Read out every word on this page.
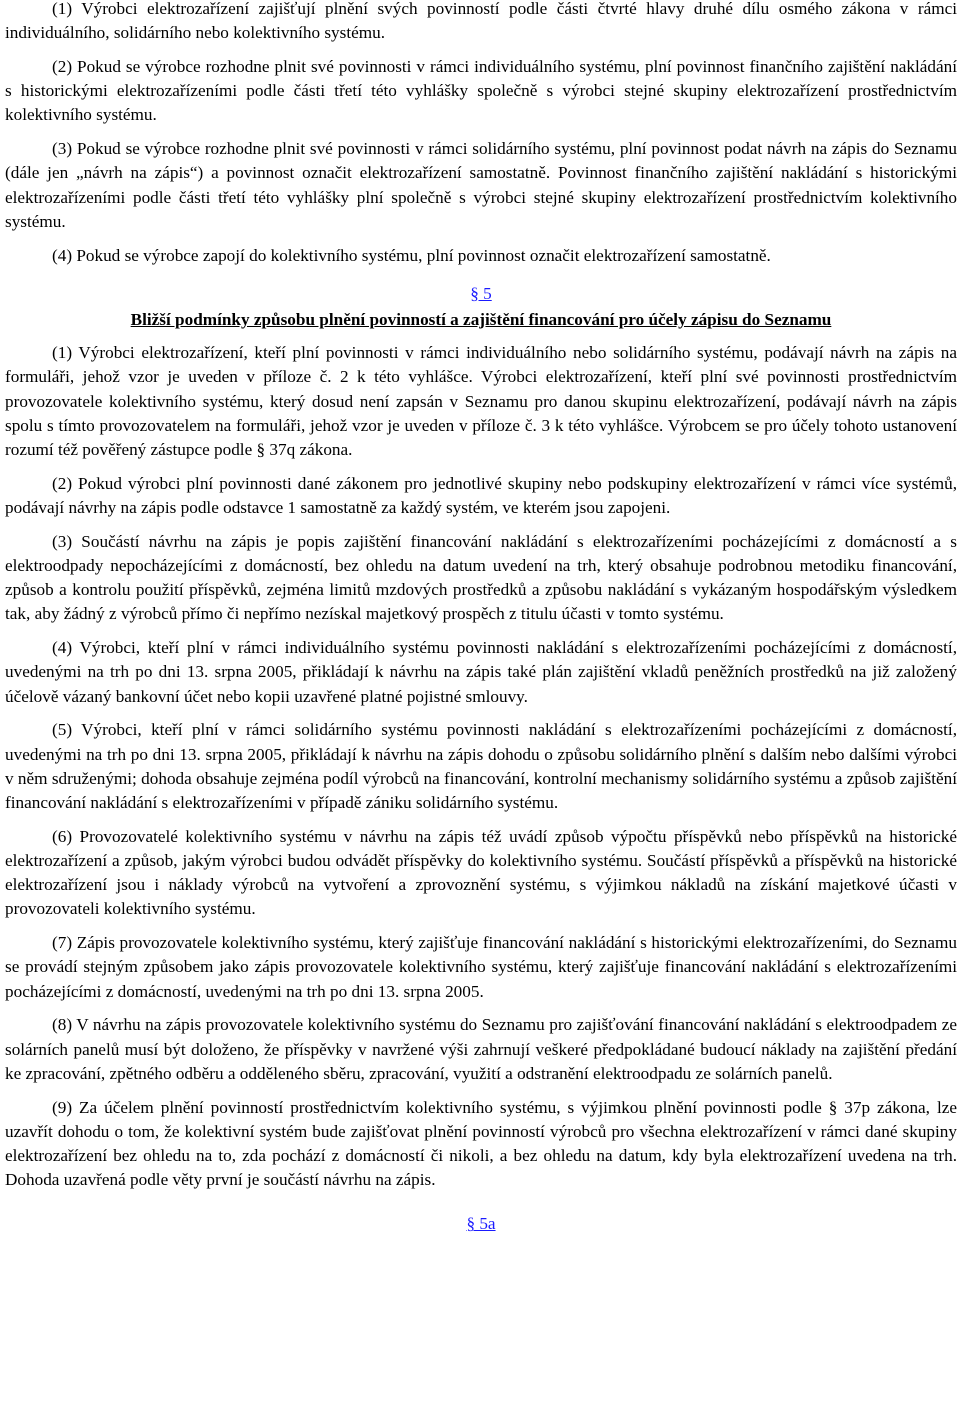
(1) Výrobci elektrozařízení zajišťují plnění svých povinností podle části čtvrté hlavy druhé dílu osmého zákona v rámci individuálního, solidárního nebo kolektivního systému.

(2) Pokud se výrobce rozhodne plnit své povinnosti v rámci individuálního systému, plní povinnost finančního zajištění nakládání s historickými elektrozařízeními podle části třetí této vyhlášky společně s výrobci stejné skupiny elektrozařízení prostřednictvím kolektivního systému.

(3) Pokud se výrobce rozhodne plnit své povinnosti v rámci solidárního systému, plní povinnost podat návrh na zápis do Seznamu (dále jen „návrh na zápis“) a povinnost označit elektrozařízení samostatně. Povinnost finančního zajištění nakládání s historickými elektrozařízeními podle části třetí této vyhlášky plní společně s výrobci stejné skupiny elektrozařízení prostřednictvím kolektivního systému.

(4) Pokud se výrobce zapojí do kolektivního systému, plní povinnost označit elektrozařízení samostatně.

§ 5
Bližší podmínky způsobu plnění povinností a zajištění financování pro účely zápisu do Seznamu

(1) Výrobci elektrozařízení, kteří plní povinnosti v rámci individuálního nebo solidárního systému, podávají návrh na zápis na formuláři, jehož vzor je uveden v příloze č. 2 k této vyhlášce. Výrobci elektrozařízení, kteří plní své povinnosti prostřednictvím provozovatele kolektivního systému, který dosud není zapsán v Seznamu pro danou skupinu elektrozařízení, podávají návrh na zápis spolu s tímto provozovatelem na formuláři, jehož vzor je uveden v příloze č. 3 k této vyhlášce. Výrobcem se pro účely tohoto ustanovení rozumí též pověřený zástupce podle § 37q zákona.

(2) Pokud výrobci plní povinnosti dané zákonem pro jednotlivé skupiny nebo podskupiny elektrozařízení v rámci více systémů, podávají návrhy na zápis podle odstavce 1 samostatně za každý systém, ve kterém jsou zapojeni.

(3) Součástí návrhu na zápis je popis zajištění financování nakládání s elektrozařízeními pocházejícími z domácností a s elektroodpady nepocházejícími z domácností, bez ohledu na datum uvedení na trh, který obsahuje podrobnou metodiku financování, způsob a kontrolu použití příspěvků, zejména limitů mzdových prostředků a způsobu nakládání s vykázaným hospodářským výsledkem tak, aby žádný z výrobců přímo či nepřímo nezískal majetkový prospěch z titulu účasti v tomto systému.

(4) Výrobci, kteří plní v rámci individuálního systému povinnosti nakládání s elektrozařízeními pocházejícími z domácností, uvedenými na trh po dni 13. srpna 2005, přikládají k návrhu na zápis také plán zajištění vkladů peněžních prostředků na již založený účelově vázaný bankovní účet nebo kopii uzavřené platné pojistné smlouvy.

(5) Výrobci, kteří plní v rámci solidárního systému povinnosti nakládání s elektrozařízeními pocházejícími z domácností, uvedenými na trh po dni 13. srpna 2005, přikládají k návrhu na zápis dohodu o způsobu solidárního plnění s dalším nebo dalšími výrobci v něm sdruženými; dohoda obsahuje zejména podíl výrobců na financování, kontrolní mechanismy solidárního systému a způsob zajištění financování nakládání s elektrozařízeními v případě zániku solidárního systému.

(6) Provozovatelé kolektivního systému v návrhu na zápis též uvádí způsob výpočtu příspěvků nebo příspěvků na historické elektrozařízení a způsob, jakým výrobci budou odvádět příspěvky do kolektivního systému. Součástí příspěvků a příspěvků na historické elektrozařízení jsou i náklady výrobců na vytvoření a zprovoznění systému, s výjimkou nákladů na získání majetkové účasti v provozovateli kolektivního systému.

(7) Zápis provozovatele kolektivního systému, který zajišťuje financování nakládání s historickými elektrozařízeními, do Seznamu se provádí stejným způsobem jako zápis provozovatele kolektivního systému, který zajišťuje financování nakládání s elektrozařízeními pocházejícími z domácností, uvedenými na trh po dni 13. srpna 2005.

(8) V návrhu na zápis provozovatele kolektivního systému do Seznamu pro zajišťování financování nakládání s elektroodpadem ze solárních panelů musí být doloženo, že příspěvky v navržené výši zahrnují veškeré předpokládané budoucí náklady na zajištění předání ke zpracování, zpětného odběru a odděleného sběru, zpracování, využití a odstranění elektroodpadu ze solárních panelů.

(9) Za účelem plnění povinností prostřednictvím kolektivního systému, s výjimkou plnění povinnosti podle § 37p zákona, lze uzavřít dohodu o tom, že kolektivní systém bude zajišťovat plnění povinností výrobců pro všechna elektrozařízení v rámci dané skupiny elektrozařízení bez ohledu na to, zda pochází z domácností či nikoli, a bez ohledu na datum, kdy byla elektrozařízení uvedena na trh. Dohoda uzavřená podle věty první je součástí návrhu na zápis.

§ 5a
